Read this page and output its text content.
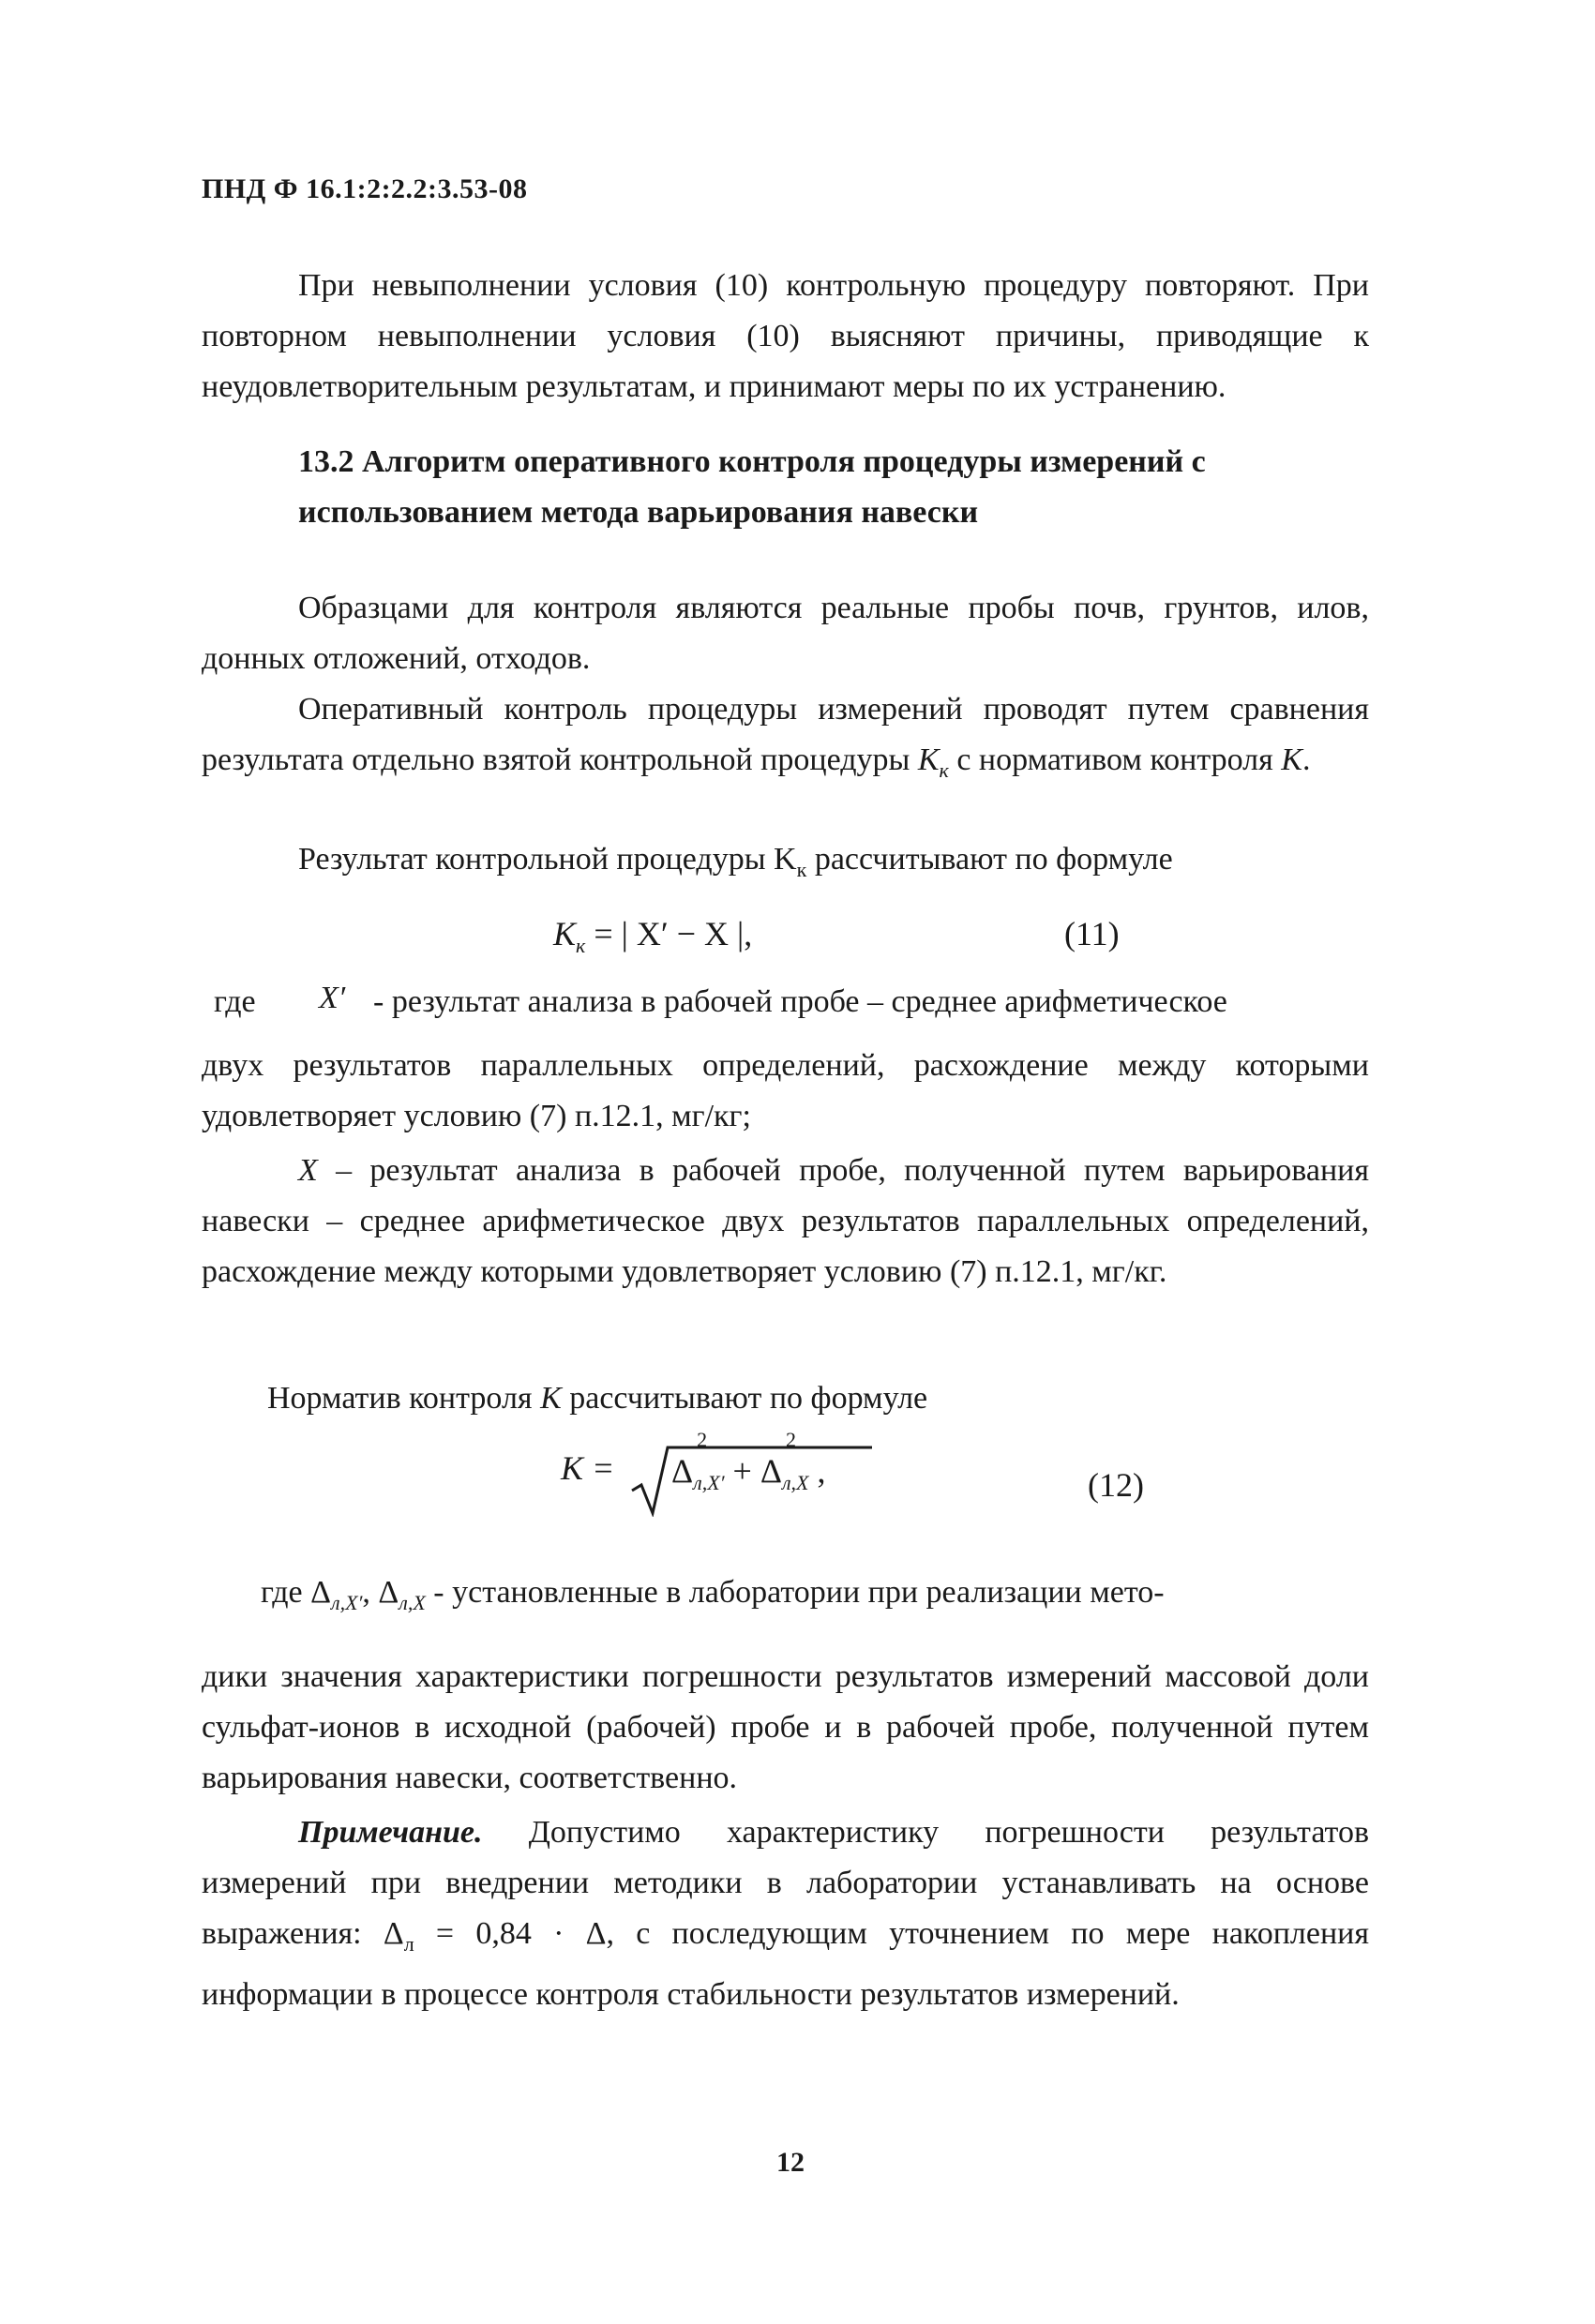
ПНД Ф 16.1:2:2.2:3.53-08
При невыполнении условия (10) контрольную процедуру повторяют. При повторном невыполнении условия (10) выясняют причины, приводящие к неудовлетворительным результатам, и принимают меры по их устранению.
13.2 Алгоритм оперативного контроля процедуры измерений с использованием метода варьирования навески
Образцами для контроля являются реальные пробы почв, грунтов, илов, донных отложений, отходов.
Оперативный контроль процедуры измерений проводят путем сравнения результата отдельно взятой контрольной процедуры $K_к$ с нормативом контроля K.
Результат контрольной процедуры $K_к$ рассчитывают по формуле
$K_к$ = | X′ − X |,	(11)
где X′ - результат анализа в рабочей пробе – среднее арифметическое
двух результатов параллельных определений, расхождение между которыми удовлетворяет условию (7) п.12.1, мг/кг;
X – результат анализа в рабочей пробе, полученной путем варьирования навески – среднее арифметическое двух результатов параллельных определений, расхождение между которыми удовлетворяет условию (7) п.12.1, мг/кг.
Норматив контроля K рассчитывают по формуле
$K = \Delta_{л,X'}$
2
+ $\Delta_{л,X}$
2
,	(12)
где $\Delta_{л,X'}$, $\Delta_{л,X}$ - установленные в лаборатории при реализации мето-
дики значения характеристики погрешности результатов измерений массовой доли сульфат-ионов в исходной (рабочей) пробе и в рабочей пробе, полученной путем варьирования навески, соответственно.
Примечание. Допустимо характеристику погрешности результатов измерений при внедрении методики в лаборатории устанавливать на основе выражения: $\Delta_л = 0,84 \cdot \Delta$, с последующим уточнением по мере накопления информации в процессе контроля стабильности результатов измерений.
12
